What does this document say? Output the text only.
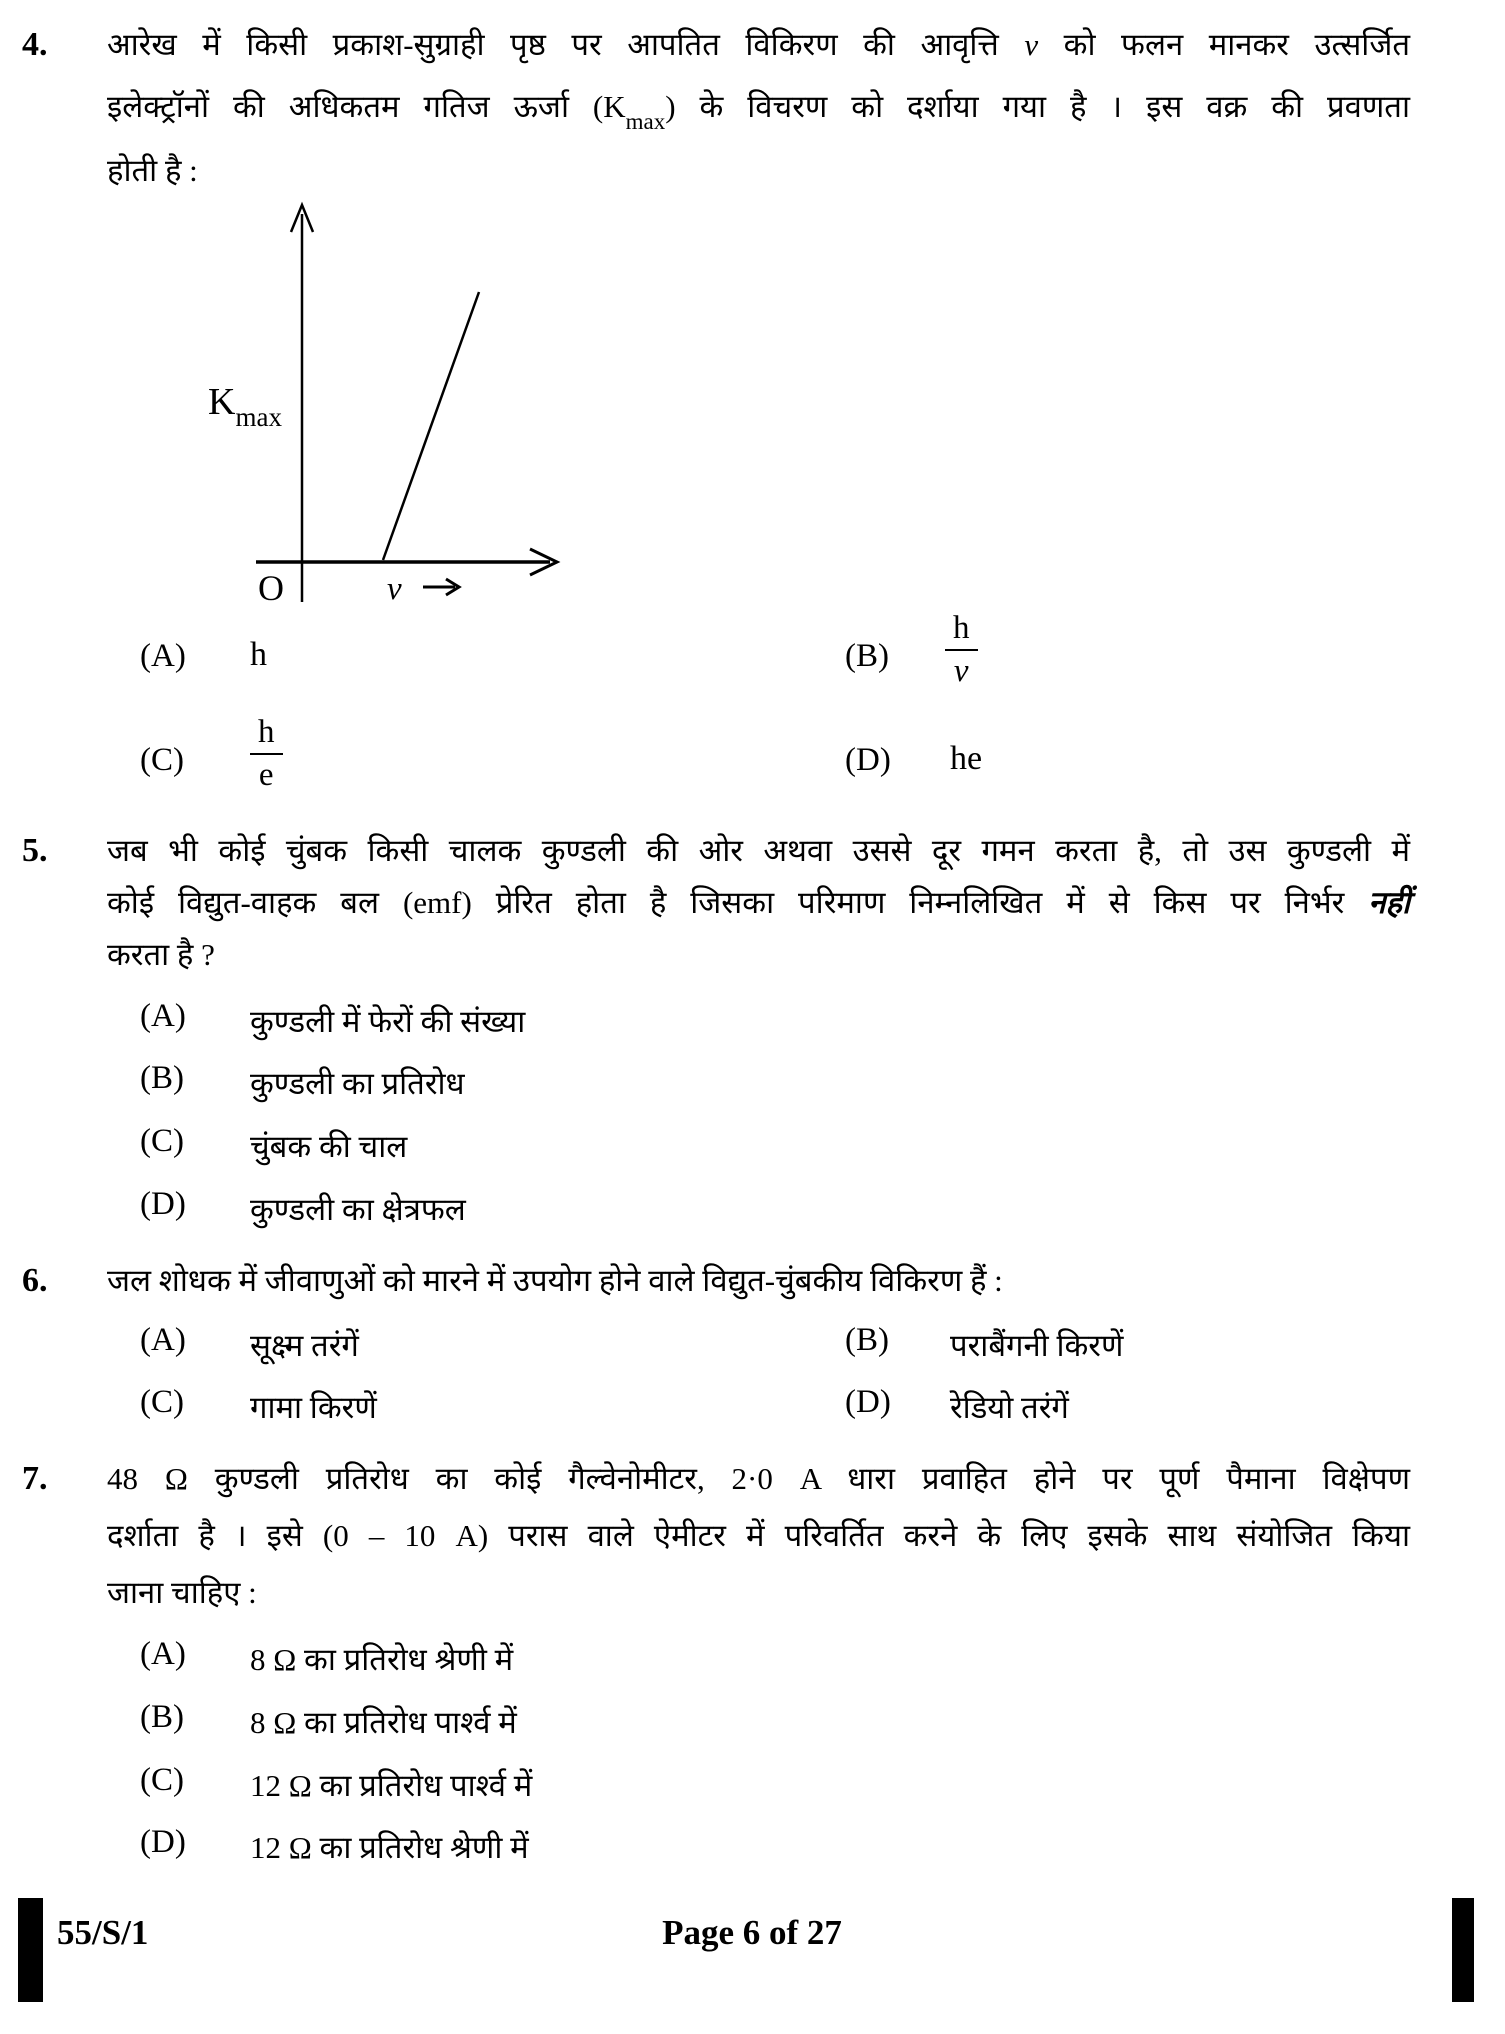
4. आरेख में किसी प्रकाश-सुग्राही पृष्ठ पर आपतित विकिरण की आवृत्ति ν को फलन मानकर उत्सर्जित
इलेक्ट्रॉनों की अधिकतम गतिज ऊर्जा $(K_{max})$ के विचरण को दर्शाया गया है । इस वक्र की प्रवणता
होती है :
O
$K_{max}$
ν
(A) h	$(B) \frac{h}{\nu}$
$(C) \frac{h}{e}$	(D) he
5. जब भी कोई चुंबक किसी चालक कुण्डली की ओर अथवा उससे दूर गमन करता है, तो उस कुण्डली में
कोई विद्युत-वाहक बल (emf) प्रेरित होता है जिसका परिमाण निम्नलिखित में से किस पर निर्भर नहीं
करता है ?
(A) कुण्डली में फेरों की संख्या
(B) कुण्डली का प्रतिरोध
(C) चुंबक की चाल
(D) कुण्डली का क्षेत्रफल
6. जल शोधक में जीवाणुओं को मारने में उपयोग होने वाले विद्युत-चुंबकीय विकिरण हैं :
(A) सूक्ष्म तरंगें	(B) पराबैंगनी किरणें
(C) गामा किरणें	(D) रेडियो तरंगें
7. 48 Ω कुण्डली प्रतिरोध का कोई गैल्वेनोमीटर, 2·0 A धारा प्रवाहित होने पर पूर्ण पैमाना विक्षेपण
दर्शाता है । इसे (0 – 10 A) परास वाले ऐमीटर में परिवर्तित करने के लिए इसके साथ संयोजित किया
जाना चाहिए :
(A) 8 Ω का प्रतिरोध श्रेणी में
(B) 8 Ω का प्रतिरोध पार्श्व में
(C) 12 Ω का प्रतिरोध पार्श्व में
(D) 12 Ω का प्रतिरोध श्रेणी में
55/S/1	Page 6 of 27
